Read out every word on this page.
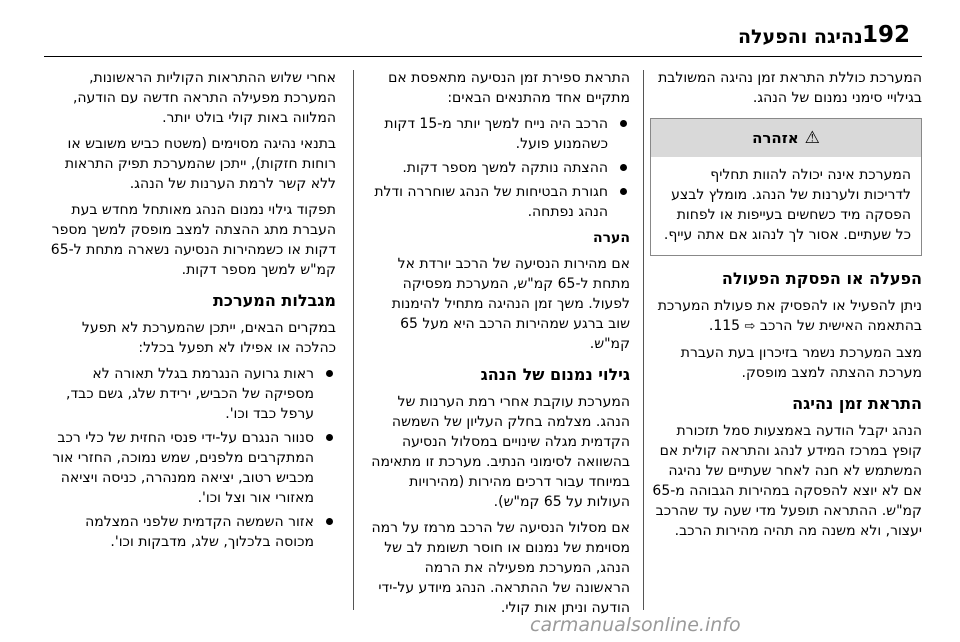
192
נהיגה והפעלה

המערכת כוללת התראת זמן נהיגה המשולבת בגילויי סימני נמנום של הנהג.

⚠
אזהרה
המערכת אינה יכולה להוות תחליף לדריכות ולערנות של הנהג. מומלץ לבצע הפסקה מיד כשחשים בעייפות או לפחות כל שעתיים. אסור לך לנהוג אם אתה עייף.
הפעלה או הפסקת הפעולה

ניתן להפעיל או להפסיק את פעולת המערכת בהתאמה האישית של הרכב ⇨ 115.

מצב המערכת נשמר בזיכרון בעת העברת מערכת ההצתה למצב מופסק.

התראת זמן נהיגה

הנהג יקבל הודעה באמצעות סמל תזכורת קופץ במרכז המידע לנהג והתראה קולית אם המשתמש לא חנה לאחר שעתיים של נהיגה אם לא יוצא להפסקה במהירות הגבוהה מ-65 קמ"ש. ההתראה תופעל מדי שעה עד שהרכב יעצור, ולא משנה מה תהיה מהירות הרכב.

התראת ספירת זמן הנסיעה מתאפסת אם מתקיים אחד מהתנאים הבאים:

הרכב היה נייח למשך יותר מ-15 דקות כשהמנוע פועל.
ההצתה נותקה למשך מספר דקות.
חגורת הבטיחות של הנהג שוחררה ודלת הנהג נפתחה.

הערה

אם מהירות הנסיעה של הרכב יורדת אל מתחת ל-65 קמ"ש, המערכת מפסיקה לפעול. משך זמן הנהיגה מתחיל להימנות שוב ברגע שמהירות הרכב היא מעל 65 קמ"ש.

גילוי נמנום של הנהג

המערכת עוקבת אחרי רמת הערנות של הנהג. מצלמה בחלק העליון של השמשה הקדמית מגלה שינויים במסלול הנסיעה בהשוואה לסימוני הנתיב. מערכת זו מתאימה במיוחד עבור דרכים מהירות (מהירויות העולות על 65 קמ"ש).

אם מסלול הנסיעה של הרכב מרמז על רמה מסוימת של נמנום או חוסר תשומת לב של הנהג, המערכת מפעילה את הרמה הראשונה של ההתראה. הנהג מיודע על-ידי הודעה וניתן אות קולי.

אחרי שלוש ההתראות הקוליות הראשונות, המערכת מפעילה התראה חדשה עם הודעה, המלווה באות קולי בולט יותר.

בתנאי נהיגה מסוימים (משטח כביש משובש או רוחות חזקות), ייתכן שהמערכת תפיק התראות ללא קשר לרמת הערנות של הנהג.

תפקוד גילוי נמנום הנהג מאותחל מחדש בעת העברת מתג ההצתה למצב מופסק למשך מספר דקות או כשמהירות הנסיעה נשארה מתחת ל-65 קמ"ש למשך מספר דקות.

מגבלות המערכת

במקרים הבאים, ייתכן שהמערכת לא תפעל כהלכה או אפילו לא תפעל בכלל:

ראות גרועה הנגרמת בגלל תאורה לא מספיקה של הכביש, ירידת שלג, גשם כבד, ערפל כבד וכו'.
סנוור הנגרם על-ידי פנסי החזית של כלי רכב המתקרבים מלפנים, שמש נמוכה, החזרי אור מכביש רטוב, יציאה ממנהרה, כניסה ויציאה מאזורי אור וצל וכו'.
אזור השמשה הקדמית שלפני המצלמה מכוסה בלכלוך, שלג, מדבקות וכו'.
carmanualsonline.info
